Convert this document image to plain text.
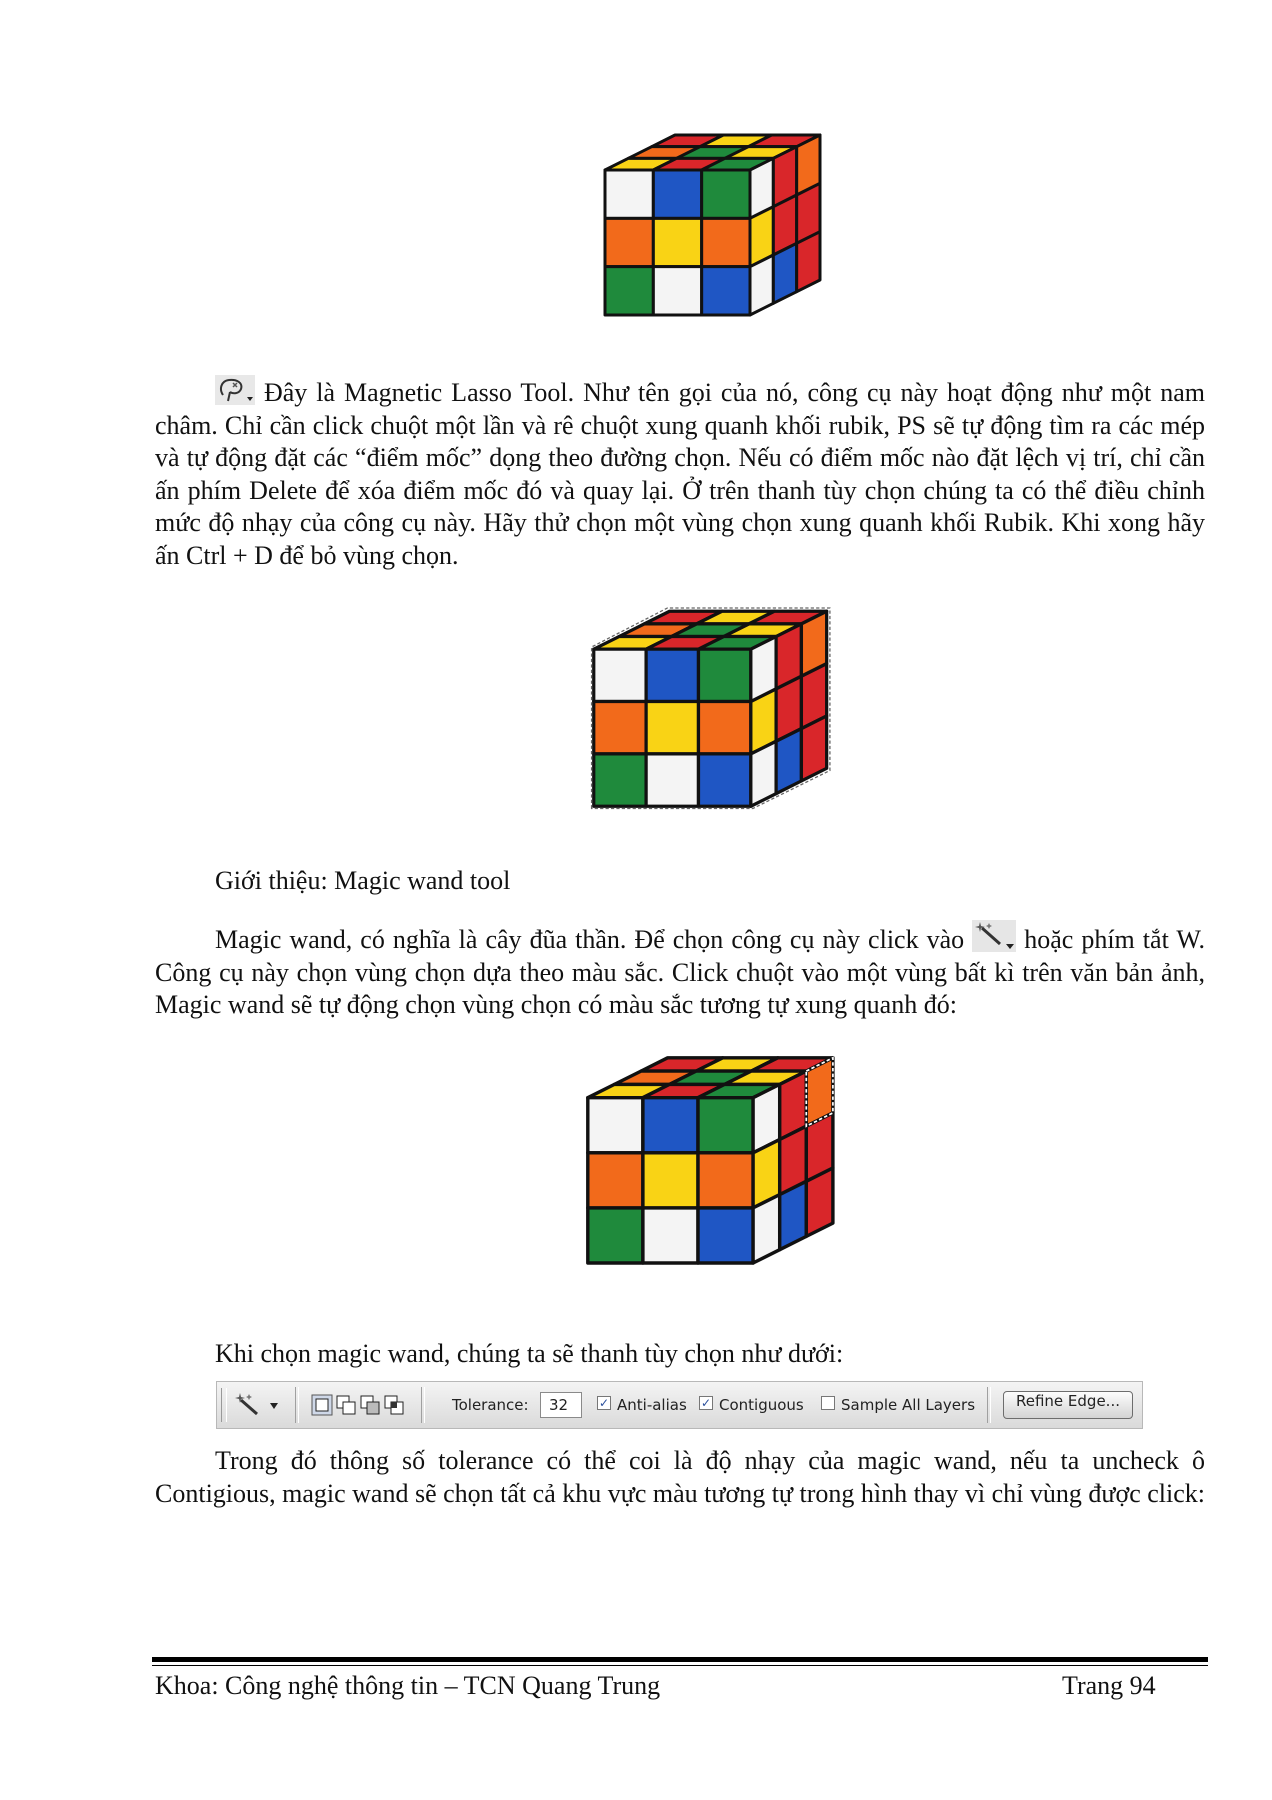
Đây là Magnetic Lasso Tool. Như tên gọi của nó, công cụ này hoạt động như một nam châm. Chỉ cần click chuột một lần và rê chuột xung quanh khối rubik, PS sẽ tự động tìm ra các mép và tự động đặt các “điểm mốc” dọng theo đường chọn. Nếu có điểm mốc nào đặt lệch vị trí, chỉ cần ấn phím Delete để xóa điểm mốc đó và quay lại. Ở trên thanh tùy chọn chúng ta có thể điều chỉnh mức độ nhạy của công cụ này. Hãy thử chọn một vùng chọn xung quanh khối Rubik. Khi xong hãy ấn Ctrl + D để bỏ vùng chọn.

Giới thiệu: Magic wand tool

Magic wand, có nghĩa là cây đũa thần. Để chọn công cụ này click vào hoặc phím tắt W. Công cụ này chọn vùng chọn dựa theo màu sắc. Click chuột vào một vùng bất kì trên văn bản ảnh, Magic wand sẽ tự động chọn vùng chọn có màu sắc tương tự xung quanh đó:

Khi chọn magic wand, chúng ta sẽ thanh tùy chọn như dưới:

Tolerance:	32	✓ Anti-alias ✓ Contiguous Sample All Layers	Refine Edge...

Trong đó thông số tolerance có thể coi là độ nhạy của magic wand, nếu ta uncheck ô Contigious, magic wand sẽ chọn tất cả khu vực màu tương tự trong hình thay vì chỉ vùng được click:

Khoa: Công nghệ thông tin – TCN Quang Trung	Trang 94
